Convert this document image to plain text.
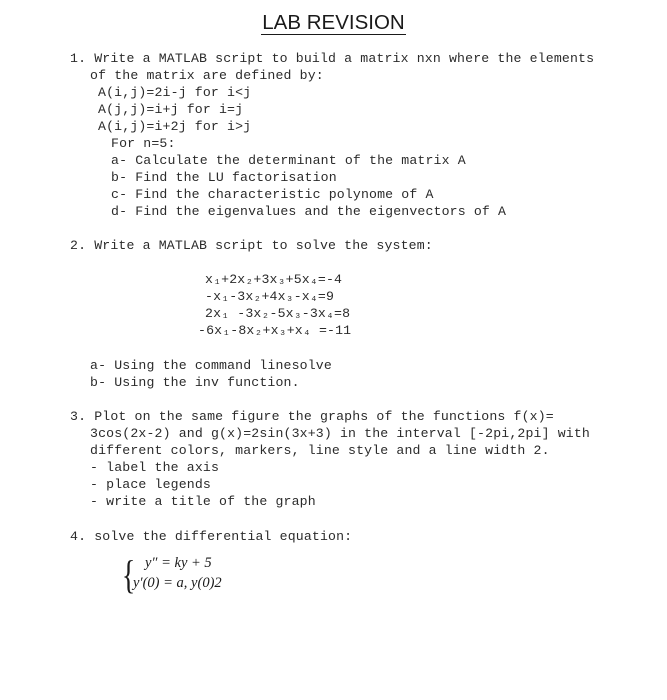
LAB REVISION
1. Write a MATLAB script to build a matrix nxn where the elements
of the matrix are defined by:
A(i,j)=2i-j for i<j
A(j,j)=i+j for i=j
A(i,j)=i+2j for i>j
For n=5:
a- Calculate the determinant of the matrix A
b- Find the LU factorisation
c- Find the characteristic polynome of A
d- Find the eigenvalues and the eigenvectors of A
2. Write a MATLAB script to solve the system:
x₁+2x₂+3x₃+5x₄=-4
-x₁-3x₂+4x₃-x₄=9
2x₁ -3x₂-5x₃-3x₄=8
-6x₁-8x₂+x₃+x₄ =-11
a- Using the command linesolve
b- Using the inv function.
3. Plot on the same figure the graphs of the functions f(x)=
3cos(2x-2) and g(x)=2sin(3x+3) in the interval [-2pi,2pi] with
different colors, markers, line style and a line width 2.
- label the axis
- place legends
- write a title of the graph
4. solve the differential equation:
{ y″ = ky + 5
y′(0) = a, y(0)2
